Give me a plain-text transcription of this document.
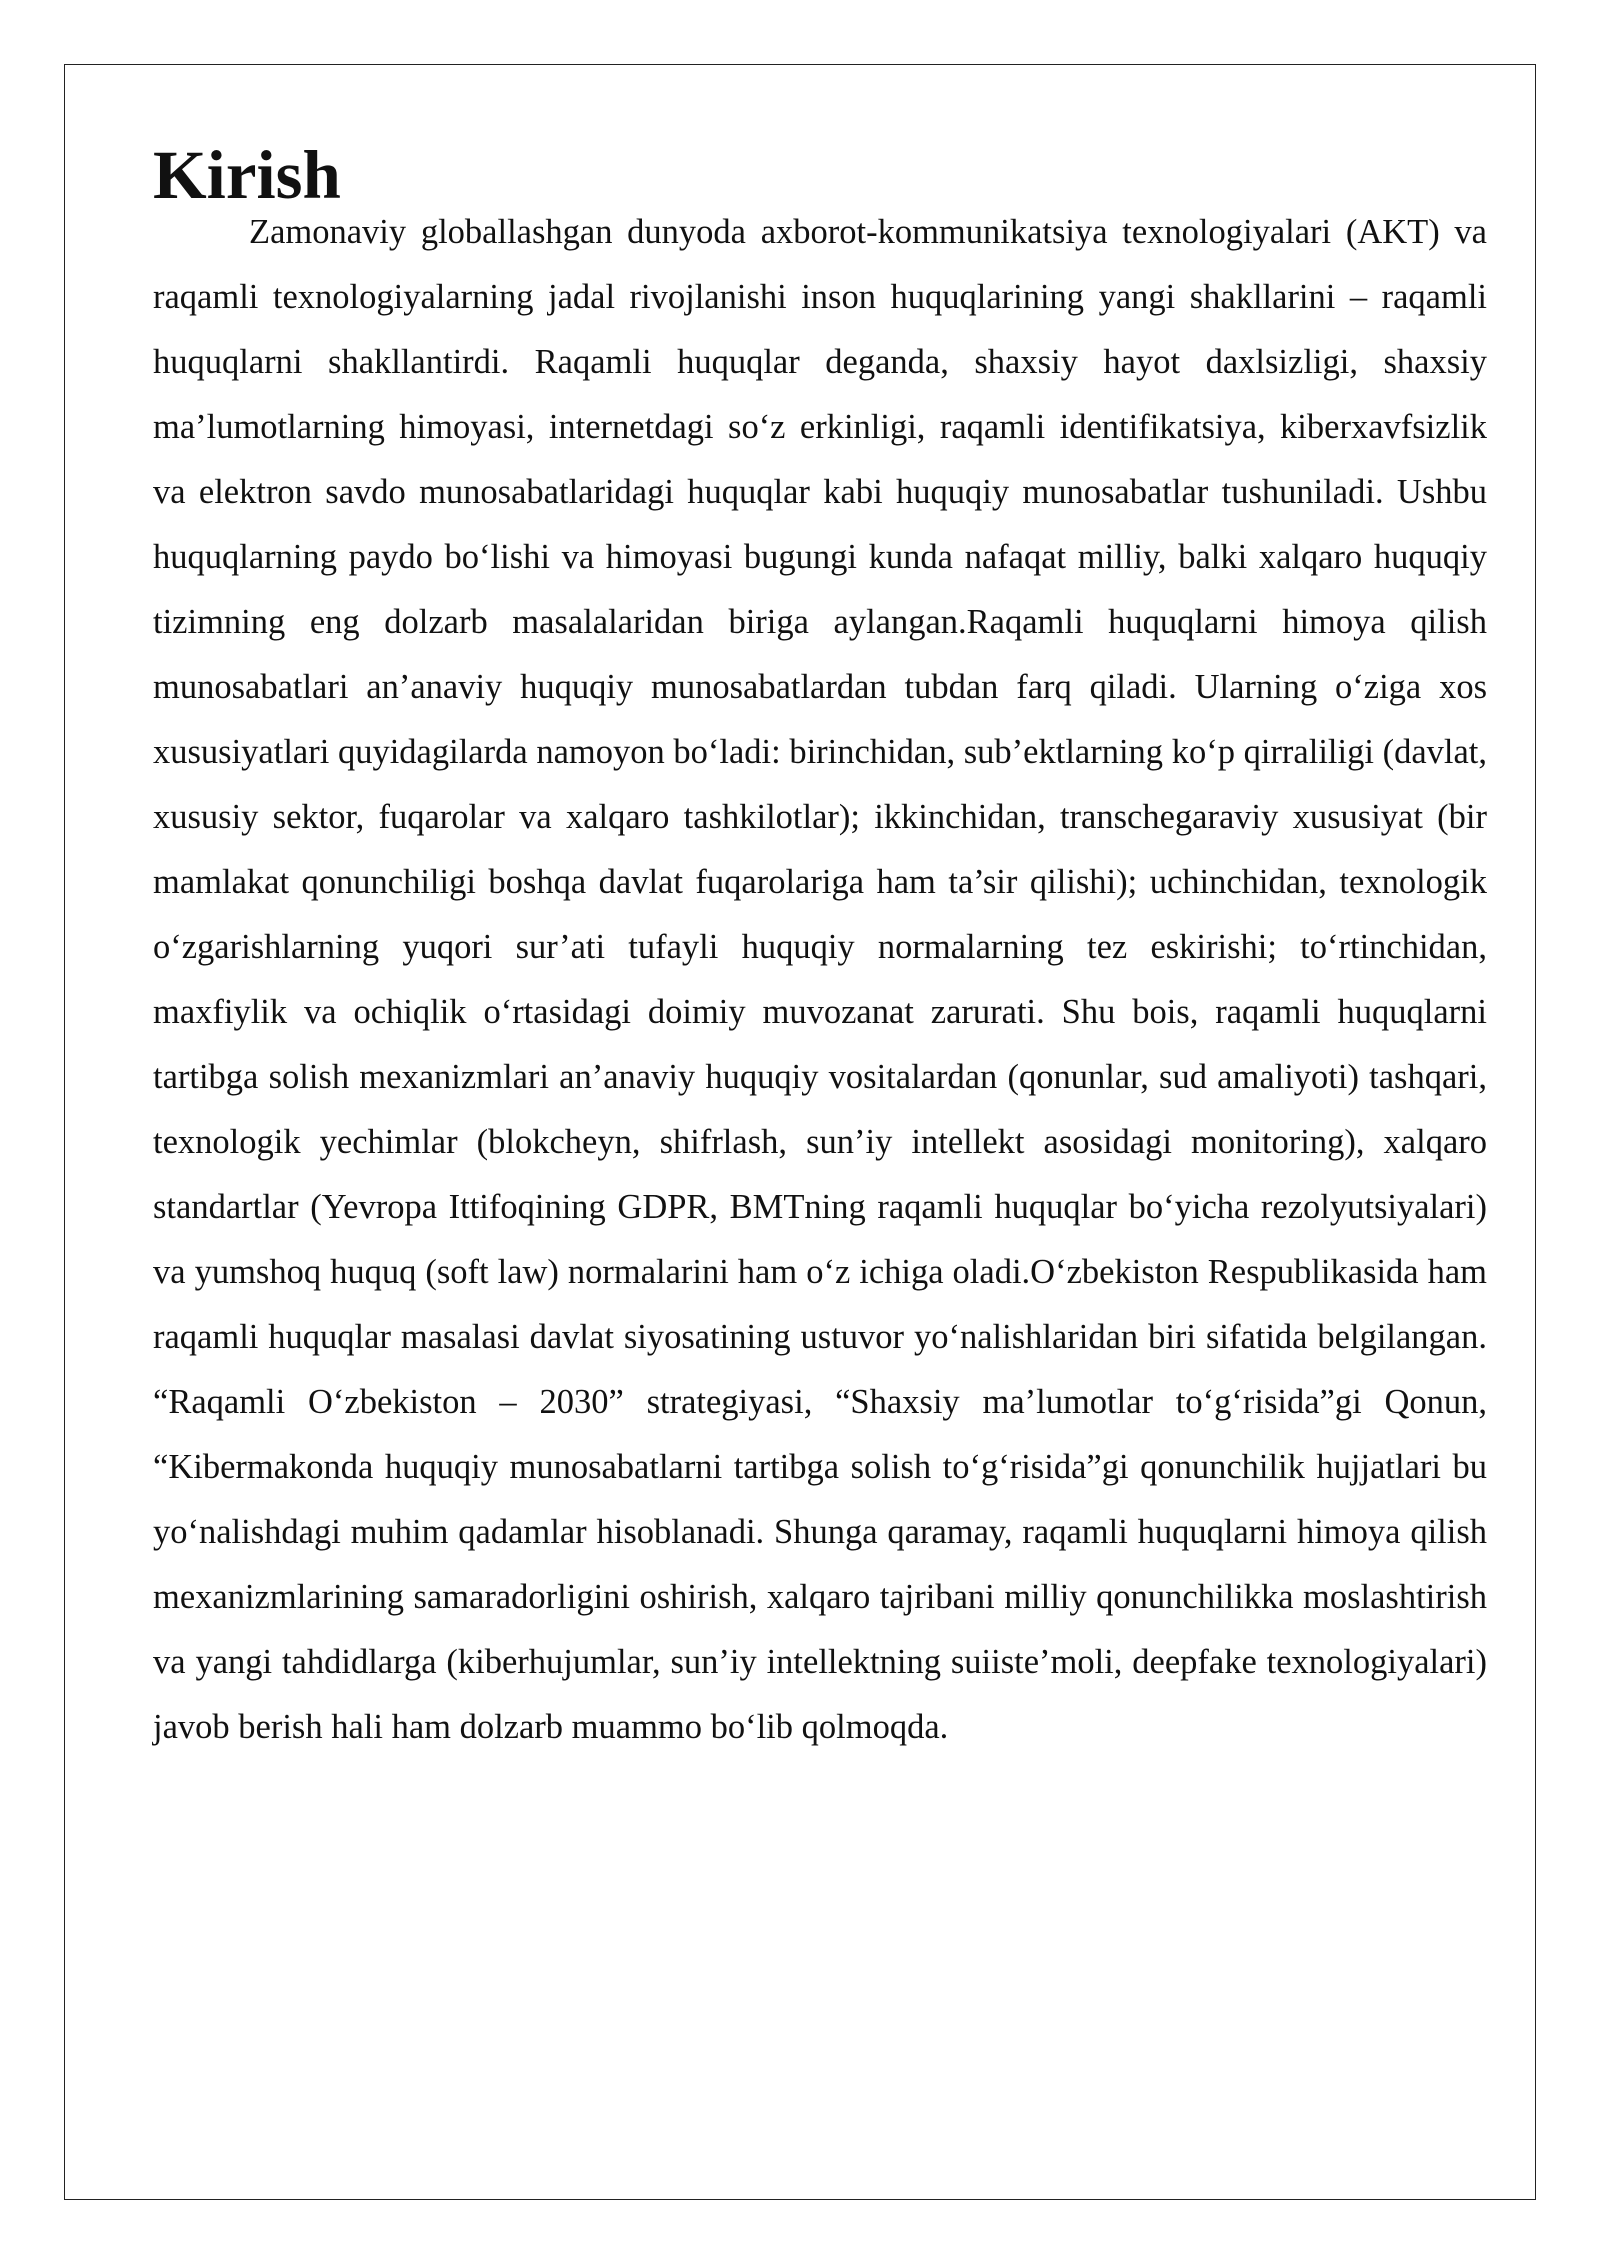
Kirish

Zamonaviy globallashgan dunyoda axborot-kommunikatsiya texnologiyalari (AKT) va raqamli texnologiyalarning jadal rivojlanishi inson huquqlarining yangi shakllarini – raqamli huquqlarni shakllantirdi. Raqamli huquqlar deganda, shaxsiy hayot daxlsizligi, shaxsiy ma’lumotlarning himoyasi, internetdagi so‘z erkinligi, raqamli identifikatsiya, kiberxavfsizlik va elektron savdo munosabatlaridagi huquqlar kabi huquqiy munosabatlar tushuniladi. Ushbu huquqlarning paydo bo‘lishi va himoyasi bugungi kunda nafaqat milliy, balki xalqaro huquqiy tizimning eng dolzarb masalalaridan biriga aylangan.Raqamli huquqlarni himoya qilish munosabatlari an’anaviy huquqiy munosabatlardan tubdan farq qiladi. Ularning o‘ziga xos xususiyatlari quyidagilarda namoyon bo‘ladi: birinchidan, sub’ektlarning ko‘p qirraliligi (davlat, xususiy sektor, fuqarolar va xalqaro tashkilotlar); ikkinchidan, transchegaraviy xususiyat (bir mamlakat qonunchiligi boshqa davlat fuqarolariga ham ta’sir qilishi); uchinchidan, texnologik o‘zgarishlarning yuqori sur’ati tufayli huquqiy normalarning tez eskirishi; to‘rtinchidan, maxfiylik va ochiqlik o‘rtasidagi doimiy muvozanat zarurati. Shu bois, raqamli huquqlarni tartibga solish mexanizmlari an’anaviy huquqiy vositalardan (qonunlar, sud amaliyoti) tashqari, texnologik yechimlar (blokcheyn, shifrlash, sun’iy intellekt asosidagi monitoring), xalqaro standartlar (Yevropa Ittifoqining GDPR, BMTning raqamli huquqlar bo‘yicha rezolyutsiyalari) va yumshoq huquq (soft law) normalarini ham o‘z ichiga oladi.O‘zbekiston Respublikasida ham raqamli huquqlar masalasi davlat siyosatining ustuvor yo‘nalishlaridan biri sifatida belgilangan. “Raqamli O‘zbekiston – 2030” strategiyasi, “Shaxsiy ma’lumotlar to‘g‘risida”gi Qonun, “Kibermakonda huquqiy munosabatlarni tartibga solish to‘g‘risida”gi qonunchilik hujjatlari bu yo‘nalishdagi muhim qadamlar hisoblanadi. Shunga qaramay, raqamli huquqlarni himoya qilish mexanizmlarining samaradorligini oshirish, xalqaro tajribani milliy qonunchilikka moslashtirish va yangi tahdidlarga (kiberhujumlar, sun’iy intellektning suiiste’moli, deepfake texnologiyalari) javob berish hali ham dolzarb muammo bo‘lib qolmoqda.
